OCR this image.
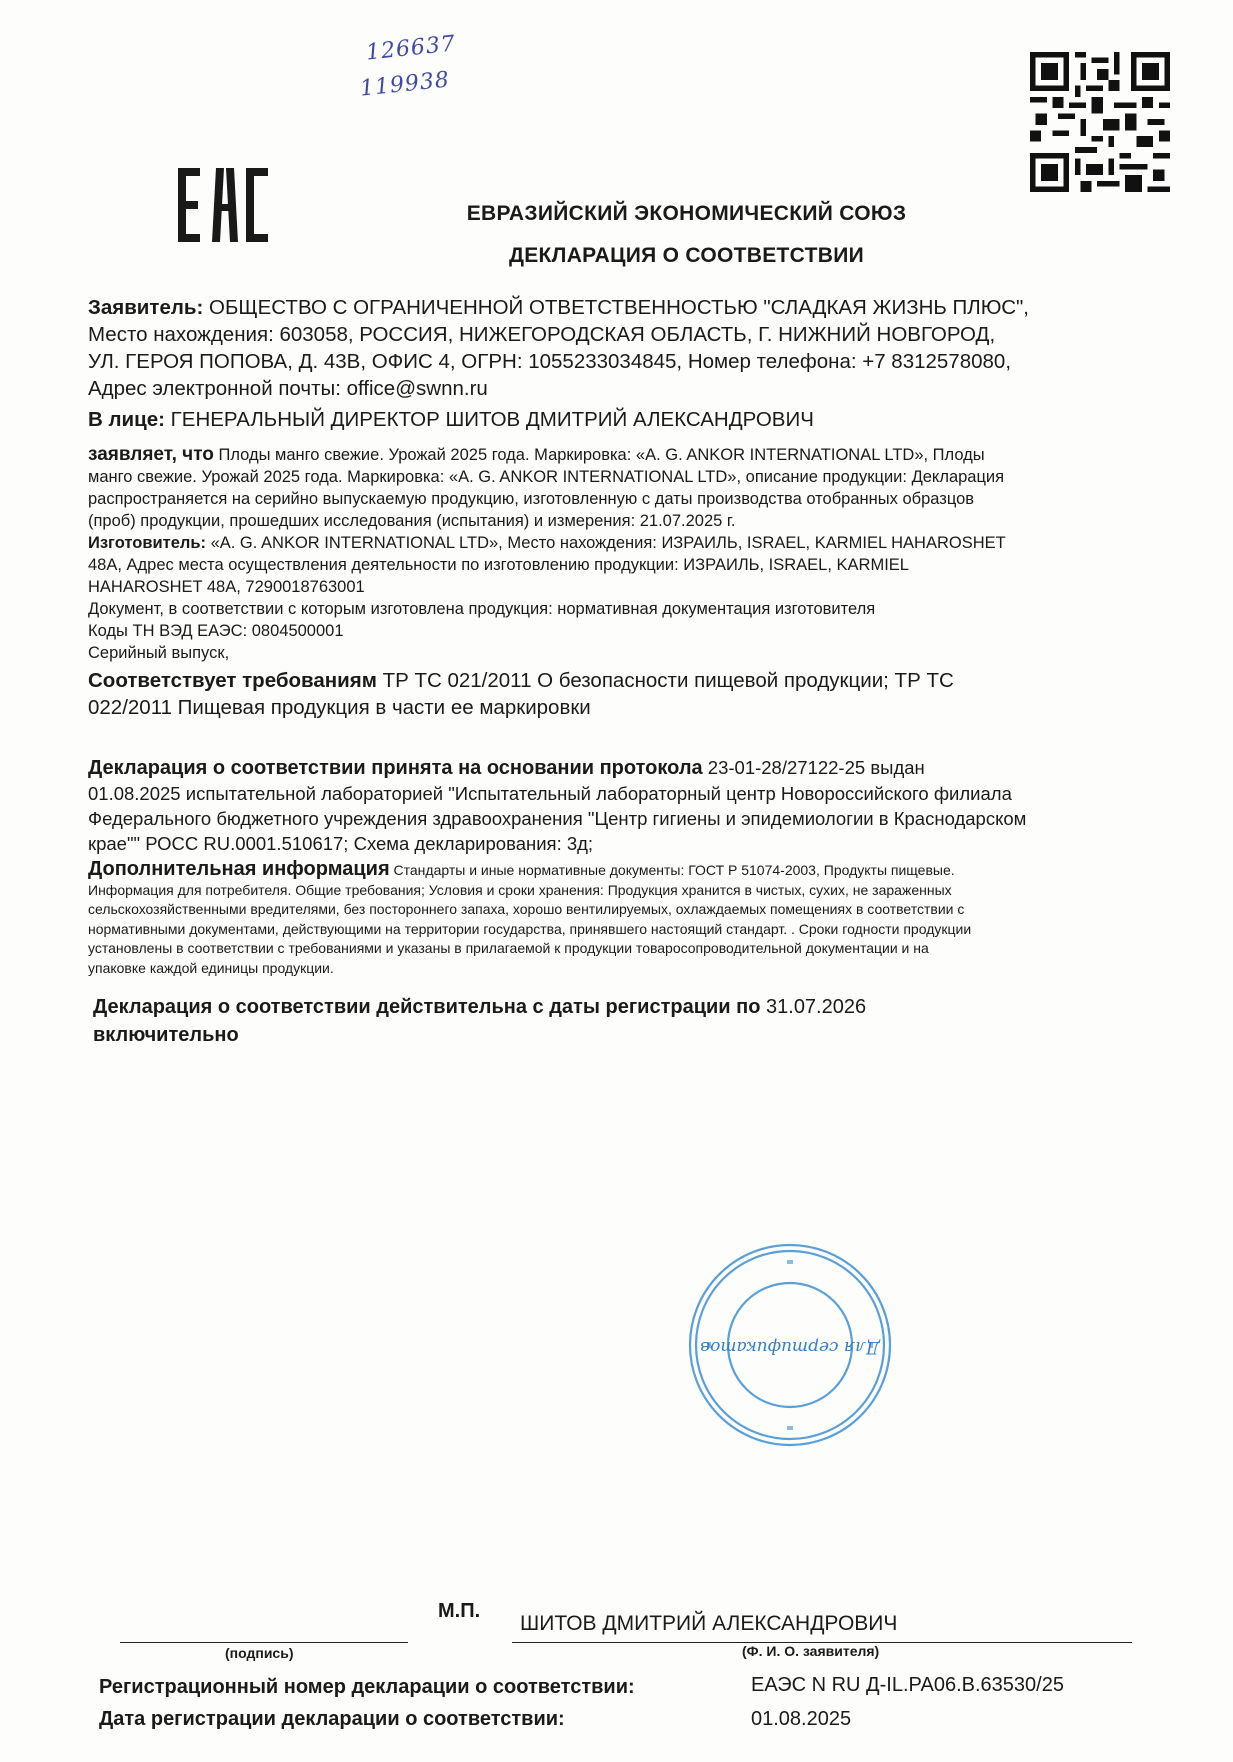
126637
119938
ЕВРАЗИЙСКИЙ ЭКОНОМИЧЕСКИЙ СОЮЗ
ДЕКЛАРАЦИЯ О СООТВЕТСТВИИ
Заявитель: ОБЩЕСТВО С ОГРАНИЧЕННОЙ ОТВЕТСТВЕННОСТЬЮ "СЛАДКАЯ ЖИЗНЬ ПЛЮС",
Место нахождения: 603058, РОССИЯ, НИЖЕГОРОДСКАЯ ОБЛАСТЬ, Г. НИЖНИЙ НОВГОРОД,
УЛ. ГЕРОЯ ПОПОВА, Д. 43В, ОФИС 4, ОГРН: 1055233034845, Номер телефона: +7 8312578080,
Адрес электронной почты: office@swnn.ru
В лице: ГЕНЕРАЛЬНЫЙ ДИРЕКТОР ШИТОВ ДМИТРИЙ АЛЕКСАНДРОВИЧ
заявляет, что Плоды манго свежие. Урожай 2025 года. Маркировка: «A. G. ANKOR INTERNATIONAL LTD», Плоды
манго свежие. Урожай 2025 года. Маркировка: «A. G. ANKOR INTERNATIONAL LTD», описание продукции: Декларация
распространяется на серийно выпускаемую продукцию, изготовленную с даты производства отобранных образцов
(проб) продукции, прошедших исследования (испытания) и измерения: 21.07.2025 г.
Изготовитель: «A. G. ANKOR INTERNATIONAL LTD», Место нахождения: ИЗРАИЛЬ, ISRAEL, KARMIEL HAHAROSHET
48A, Адрес места осуществления деятельности по изготовлению продукции: ИЗРАИЛЬ, ISRAEL, KARMIEL
HAHAROSHET 48A, 7290018763001
Документ, в соответствии с которым изготовлена продукция: нормативная документация изготовителя
Коды ТН ВЭД ЕАЭС: 0804500001
Серийный выпуск,
Соответствует требованиям ТР ТС 021/2011 О безопасности пищевой продукции; ТР ТС
022/2011 Пищевая продукция в части ее маркировки
Декларация о соответствии принята на основании протокола 23-01-28/27122-25 выдан
01.08.2025 испытательной лабораторией "Испытательный лабораторный центр Новороссийского филиала
Федерального бюджетного учреждения здравоохранения "Центр гигиены и эпидемиологии в Краснодарском
крае"" РОСС RU.0001.510617; Схема декларирования: 3д;
Дополнительная информация Стандарты и иные нормативные документы: ГОСТ Р 51074-2003, Продукты пищевые.
Информация для потребителя. Общие требования; Условия и сроки хранения: Продукция хранится в чистых, сухих, не зараженных
сельскохозяйственными вредителями, без постороннего запаха, хорошо вентилируемых, охлаждаемых помещениях в соответствии с
нормативными документами, действующими на территории государства, принявшего настоящий стандарт. . Сроки годности продукции
установлены в соответствии с требованиями и указаны в прилагаемой к продукции товаросопроводительной документации и на
упаковке каждой единицы продукции.
Декларация о соответствии действительна с даты регистрации по 31.07.2026
включительно
Для сертификатов
М.П.
ШИТОВ ДМИТРИЙ АЛЕКСАНДРОВИЧ
(подпись)	(Ф. И. О. заявителя)
Регистрационный номер декларации о соответствии:	ЕАЭС N RU Д-IL.РА06.В.63530/25
Дата регистрации декларации о соответствии:	01.08.2025
